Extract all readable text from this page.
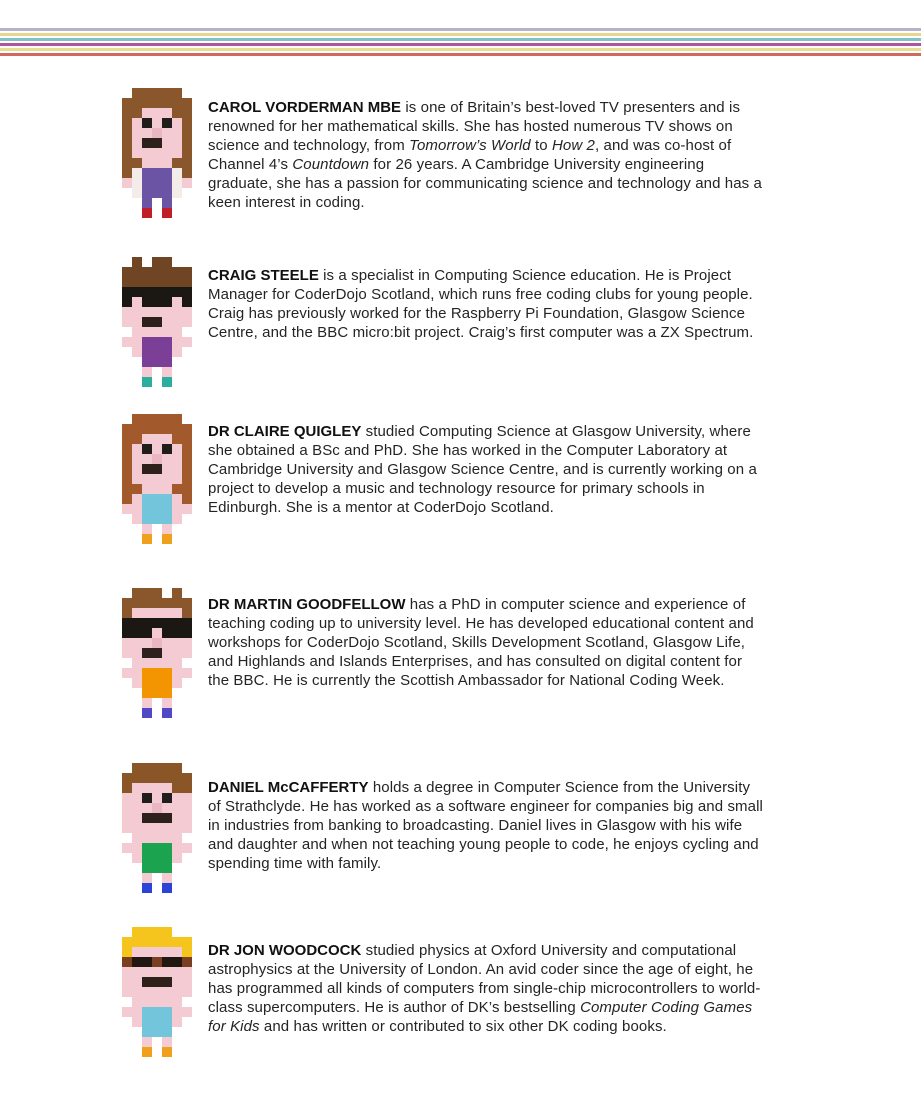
CAROL VORDERMAN MBE is one of Britain’s best-loved TV presenters and is renowned for her mathematical skills. She has hosted numerous TV shows on science and technology, from Tomorrow’s World to How 2, and was co-host of Channel 4’s Countdown for 26 years. A Cambridge University engineering graduate, she has a passion for communicating science and technology and has a keen interest in coding.

CRAIG STEELE is a specialist in Computing Science education. He is Project Manager for CoderDojo Scotland, which runs free coding clubs for young people. Craig has previously worked for the Raspberry Pi Foundation, Glasgow Science Centre, and the BBC micro:bit project. Craig’s first computer was a ZX Spectrum.

DR CLAIRE QUIGLEY studied Computing Science at Glasgow University, where she obtained a BSc and PhD. She has worked in the Computer Laboratory at Cambridge University and Glasgow Science Centre, and is currently working on a project to develop a music and technology resource for primary schools in Edinburgh. She is a mentor at CoderDojo Scotland.

DR MARTIN GOODFELLOW has a PhD in computer science and experience of teaching coding up to university level. He has developed educational content and workshops for CoderDojo Scotland, Skills Development Scotland, Glasgow Life, and Highlands and Islands Enterprises, and has consulted on digital content for the BBC. He is currently the Scottish Ambassador for National Coding Week.

DANIEL McCAFFERTY holds a degree in Computer Science from the University of Strathclyde. He has worked as a software engineer for companies big and small in industries from banking to broadcasting. Daniel lives in Glasgow with his wife and daughter and when not teaching young people to code, he enjoys cycling and spending time with family.

DR JON WOODCOCK studied physics at Oxford University and computational astrophysics at the University of London. An avid coder since the age of eight, he has programmed all kinds of computers from single-chip microcontrollers to world-class supercomputers. He is author of DK’s bestselling Computer Coding Games for Kids and has written or contributed to six other DK coding books.
